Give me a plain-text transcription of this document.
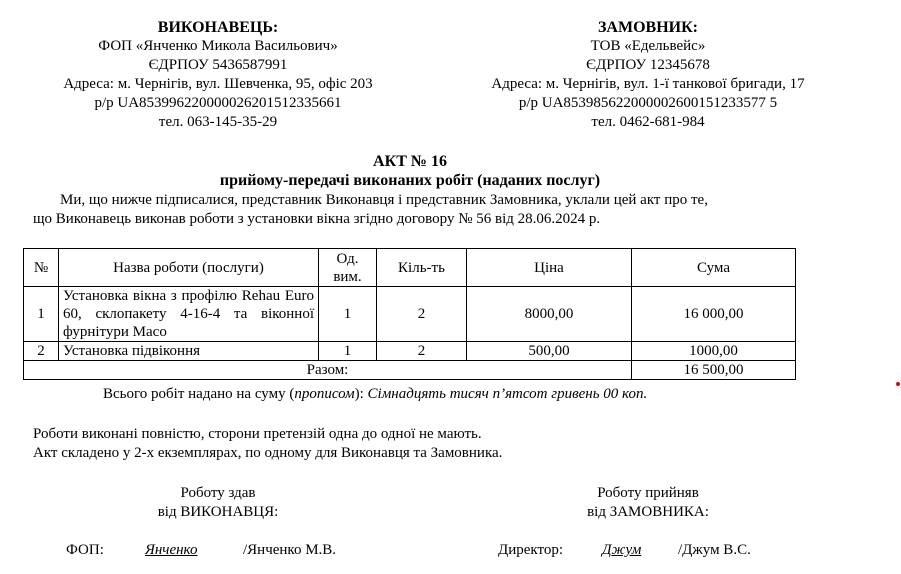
ВИКОНАВЕЦЬ:
ФОП «Янченко Микола Васильович»
ЄДРПОУ 5436587991
Адреса: м. Чернігів, вул. Шевченка, 95, офіс 203
р/р UA853996220000026201512335661
тел. 063-145-35-29
ЗАМОВНИК:
ТОВ «Едельвейс»
ЄДРПОУ 12345678
Адреса: м. Чернігів, вул. 1-ї танкової бригади, 17
р/р UA853985622000002600151233577 5
тел. 0462-681-984
АКТ № 16
прийому-передачі виконаних робіт (наданих послуг)
Ми, що нижче підписалися, представник Виконавця і представник Замовника, уклали цей акт про те,
що Виконавець виконав роботи з установки вікна згідно договору № 56 від 28.06.2024 р.
№	Назва роботи (послуги)	Од. вим.	Кіль-ть	Ціна	Сума
1	Установка вікна з профілю Rehau Euro 60, склопакету 4-16-4 та віконної фурнітури Maco	1	2	8000,00	16 000,00
2	Установка підвіконня	1	2	500,00	1000,00
Разом:					16 500,00
Всього робіт надано на суму (прописом): Сімнадцять тисяч п’ятсот гривень 00 коп.
Роботи виконані повністю, сторони претензій одна до одної не мають.
Акт складено у 2-х екземплярах, по одному для Виконавця та Замовника.
Роботу здав
від ВИКОНАВЦЯ:
Роботу прийняв
від ЗАМОВНИКА:
ФОП:	Янченко	/Янченко М.В.	Директор:	Джум /Джум В.С.
